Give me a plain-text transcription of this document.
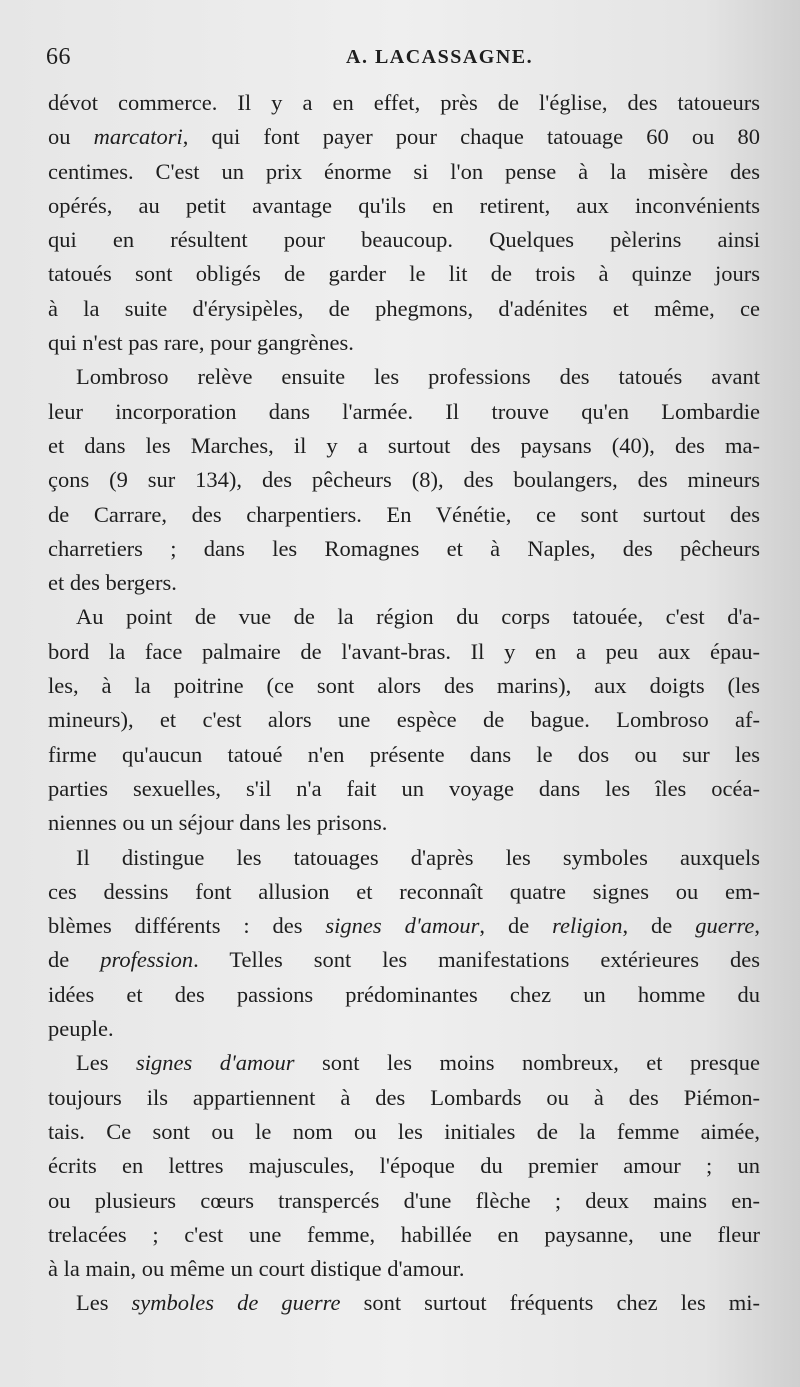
66	A. LACASSAGNE.
dévot commerce. Il y a en effet, près de l'église, des tatoueurs
ou marcatori, qui font payer pour chaque tatouage 60 ou 80
centimes. C'est un prix énorme si l'on pense à la misère des
opérés, au petit avantage qu'ils en retirent, aux inconvénients
qui en résultent pour beaucoup. Quelques pèlerins ainsi
tatoués sont obligés de garder le lit de trois à quinze jours
à la suite d'érysipèles, de phegmons, d'adénites et même, ce
qui n'est pas rare, pour gangrènes.
Lombroso relève ensuite les professions des tatoués avant
leur incorporation dans l'armée. Il trouve qu'en Lombardie
et dans les Marches, il y a surtout des paysans (40), des ma-
çons (9 sur 134), des pêcheurs (8), des boulangers, des mineurs
de Carrare, des charpentiers. En Vénétie, ce sont surtout des
charretiers ; dans les Romagnes et à Naples, des pêcheurs
et des bergers.
Au point de vue de la région du corps tatouée, c'est d'a-
bord la face palmaire de l'avant-bras. Il y en a peu aux épau-
les, à la poitrine (ce sont alors des marins), aux doigts (les
mineurs), et c'est alors une espèce de bague. Lombroso af-
firme qu'aucun tatoué n'en présente dans le dos ou sur les
parties sexuelles, s'il n'a fait un voyage dans les îles océa-
niennes ou un séjour dans les prisons.
Il distingue les tatouages d'après les symboles auxquels
ces dessins font allusion et reconnaît quatre signes ou em-
blèmes différents : des signes d'amour, de religion, de guerre,
de profession. Telles sont les manifestations extérieures des
idées et des passions prédominantes chez un homme du
peuple.
Les signes d'amour sont les moins nombreux, et presque
toujours ils appartiennent à des Lombards ou à des Piémon-
tais. Ce sont ou le nom ou les initiales de la femme aimée,
écrits en lettres majuscules, l'époque du premier amour ; un
ou plusieurs cœurs transpercés d'une flèche ; deux mains en-
trelacées ; c'est une femme, habillée en paysanne, une fleur
à la main, ou même un court distique d'amour.
Les symboles de guerre sont surtout fréquents chez les mi-
